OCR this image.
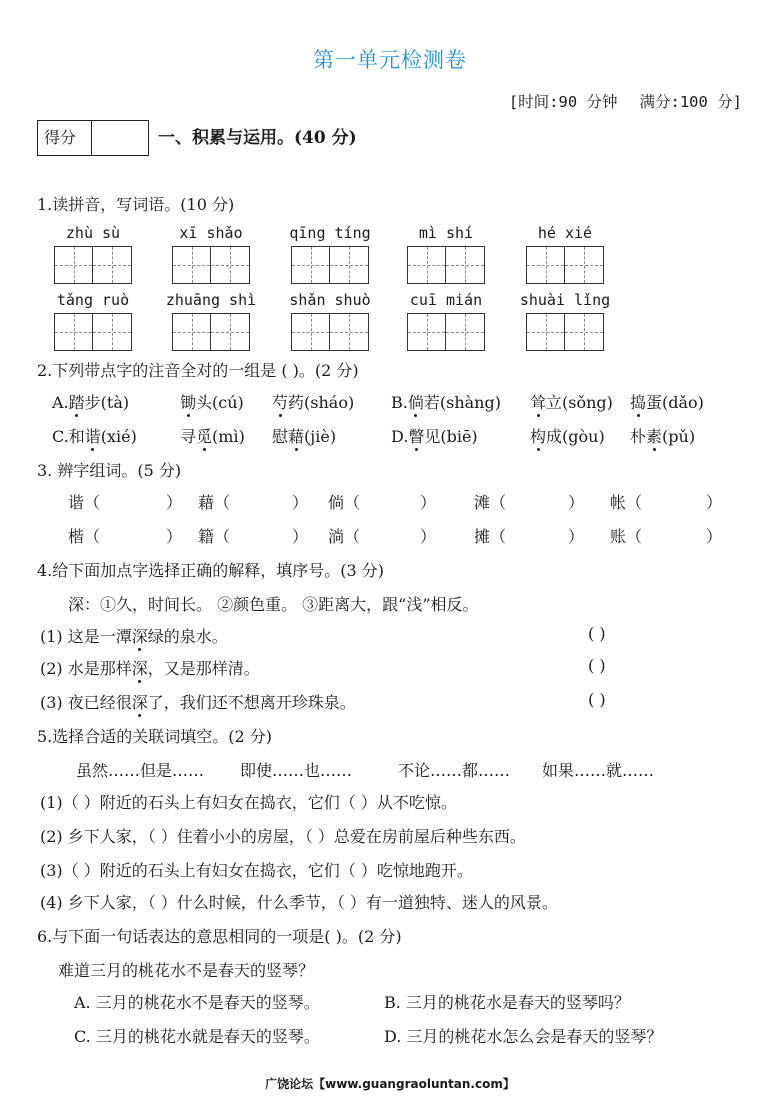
第一单元检测卷
[时间:90 分钟 满分:100 分]
得分	一、积累与运用。(40 分)
1.读拼音，写词语。(10 分)
zhù sù	xī shǎo	qīng tíng	mì shí	hé xié
tǎng ruò	zhuāng shì	shǎn shuò	cuī mián	shuài lǐng
2.下列带点字的注音全对的一组是 ( )。(2 分)
A.踏步(tà)	锄头(cú) 芍药(sháo) B.倘若(shàng) 耸立(sǒng) 捣蛋(dǎo)
C.和谐(xié)	寻觅(mì) 慰藉(jiè)	D.瞥见(biē)	构成(gòu) 朴素(pǔ)
3. 辨字组词。(5 分)
谐（	） 藉（	） 倘（	） 滩（	） 帐（	）
楷（	） 籍（	） 淌（	） 摊（	） 账（	）
4.给下面加点字选择正确的解释，填序号。(3 分)
深：①久，时间长。 ②颜色重。 ③距离大，跟“浅”相反。
(1) 这是一潭深绿的泉水。	( )
(2) 水是那样深，又是那样清。	( )
(3) 夜已经很深了，我们还不想离开珍珠泉。	( )
5.选择合适的关联词填空。(2 分)
虽然……但是…… 即使……也……	不论……都…… 如果……就……
(1)（ ）附近的石头上有妇女在捣衣，它们（ ）从不吃惊。
(2) 乡下人家，（ ）住着小小的房屋，（ ）总爱在房前屋后种些东西。
(3)（ ）附近的石头上有妇女在捣衣，它们（ ）吃惊地跑开。
(4) 乡下人家，（ ）什么时候，什么季节，（ ）有一道独特、迷人的风景。
6.与下面一句话表达的意思相同的一项是( )。(2 分)
难道三月的桃花水不是春天的竖琴？
A. 三月的桃花水不是春天的竖琴。	B. 三月的桃花水是春天的竖琴吗？
C. 三月的桃花水就是春天的竖琴。	D. 三月的桃花水怎么会是春天的竖琴？
广饶论坛【www.guangraoluntan.com】
